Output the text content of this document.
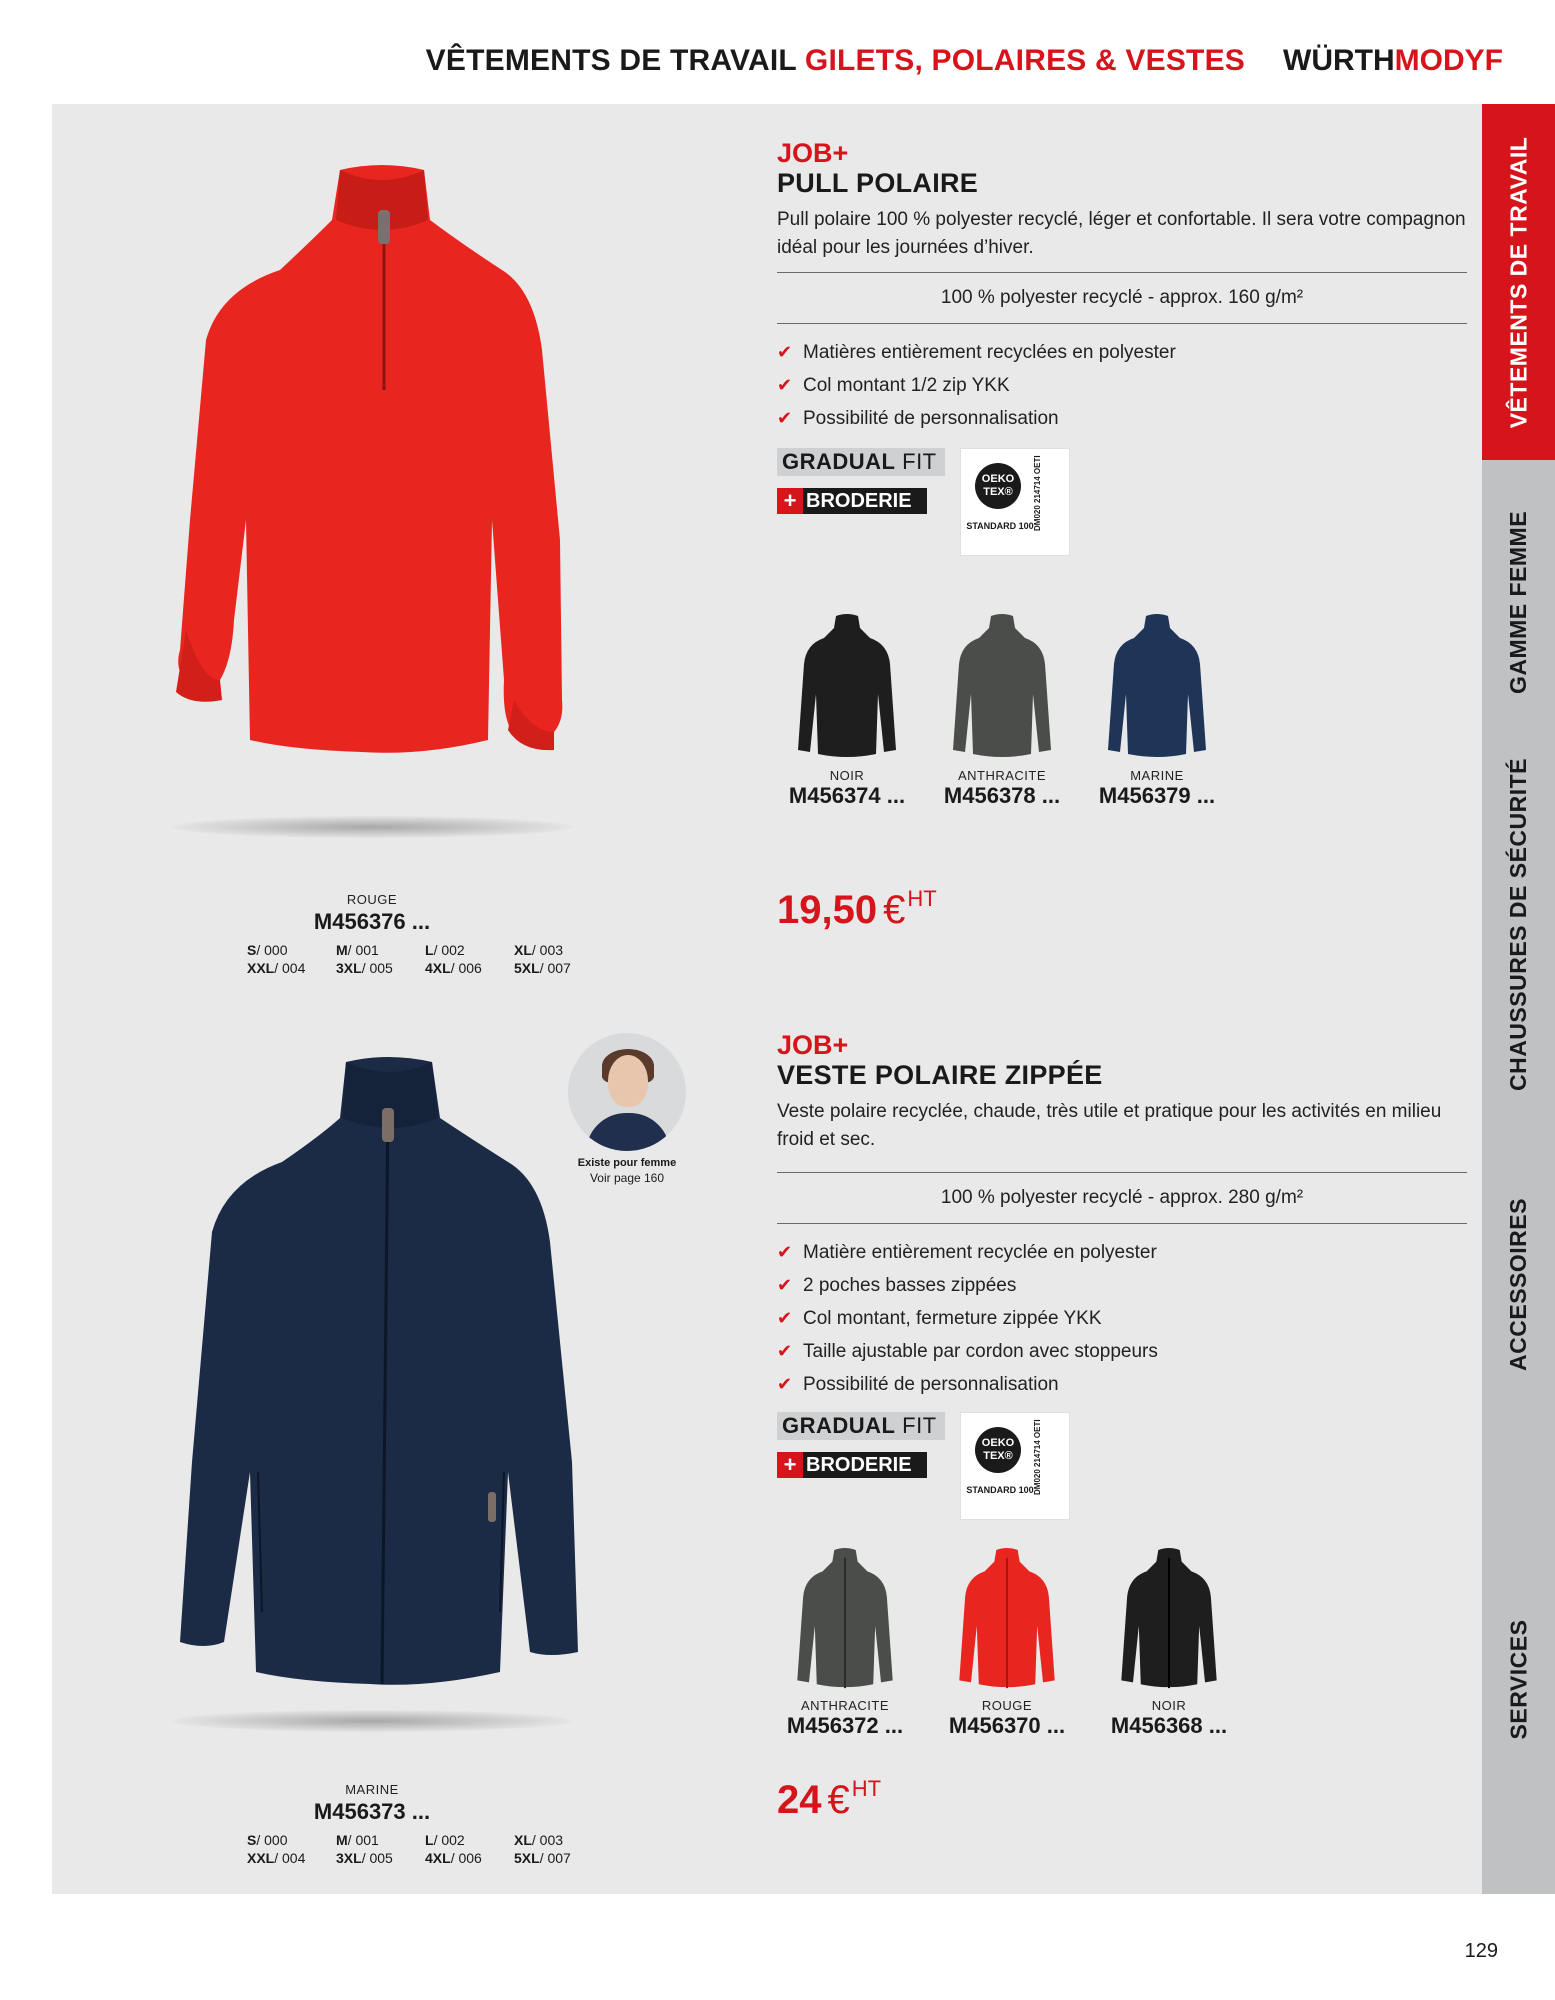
VÊTEMENTS DE TRAVAIL GILETS, POLAIRES & VESTES WÜRTHMODYF
VÊTEMENTS DE TRAVAIL
GAMME FEMME
CHAUSSURES DE SÉCURITÉ
ACCESSOIRES
SERVICES
ROUGE
M456376 ...
S/ 000	M/ 001	L/ 002	XL/ 003
XXL/ 004	3XL/ 005	4XL/ 006	5XL/ 007
JOB+
PULL POLAIRE
Pull polaire 100 % polyester recyclé, léger et confortable. Il sera votre compagnon idéal pour les journées d’hiver.
100 % polyester recyclé - approx. 160 g/m²
✔ Matières entièrement recyclées en polyester
✔ Col montant 1/2 zip YKK
✔ Possibilité de personnalisation
GRADUAL FIT
+ BRODERIE
OEKO TEX®
STANDARD 100 DM020 214714 OETI
NOIR
M456374 ...
ANTHRACITE
M456378 ...
MARINE
M456379 ...
19,50 €$^{HT}$
MARINE
M456373 ...
S/ 000	M/ 001	L/ 002	XL/ 003
XXL/ 004	3XL/ 005	4XL/ 006	5XL/ 007
JOB+
VESTE POLAIRE ZIPPÉE
Veste polaire recyclée, chaude, très utile et pratique pour les activités en milieu froid et sec.
100 % polyester recyclé - approx. 280 g/m²
✔ Matière entièrement recyclée en polyester
✔ 2 poches basses zippées
✔ Col montant, fermeture zippée YKK
✔ Taille ajustable par cordon avec stoppeurs
✔ Possibilité de personnalisation
GRADUAL FIT
+ BRODERIE
OEKO TEX®
STANDARD 100 DM020 214714 OETI
ANTHRACITE
M456372 ...
ROUGE
M456370 ...
NOIR
M456368 ...
24 €$^{HT}$
Existe pour femme
Voir page 160
129
